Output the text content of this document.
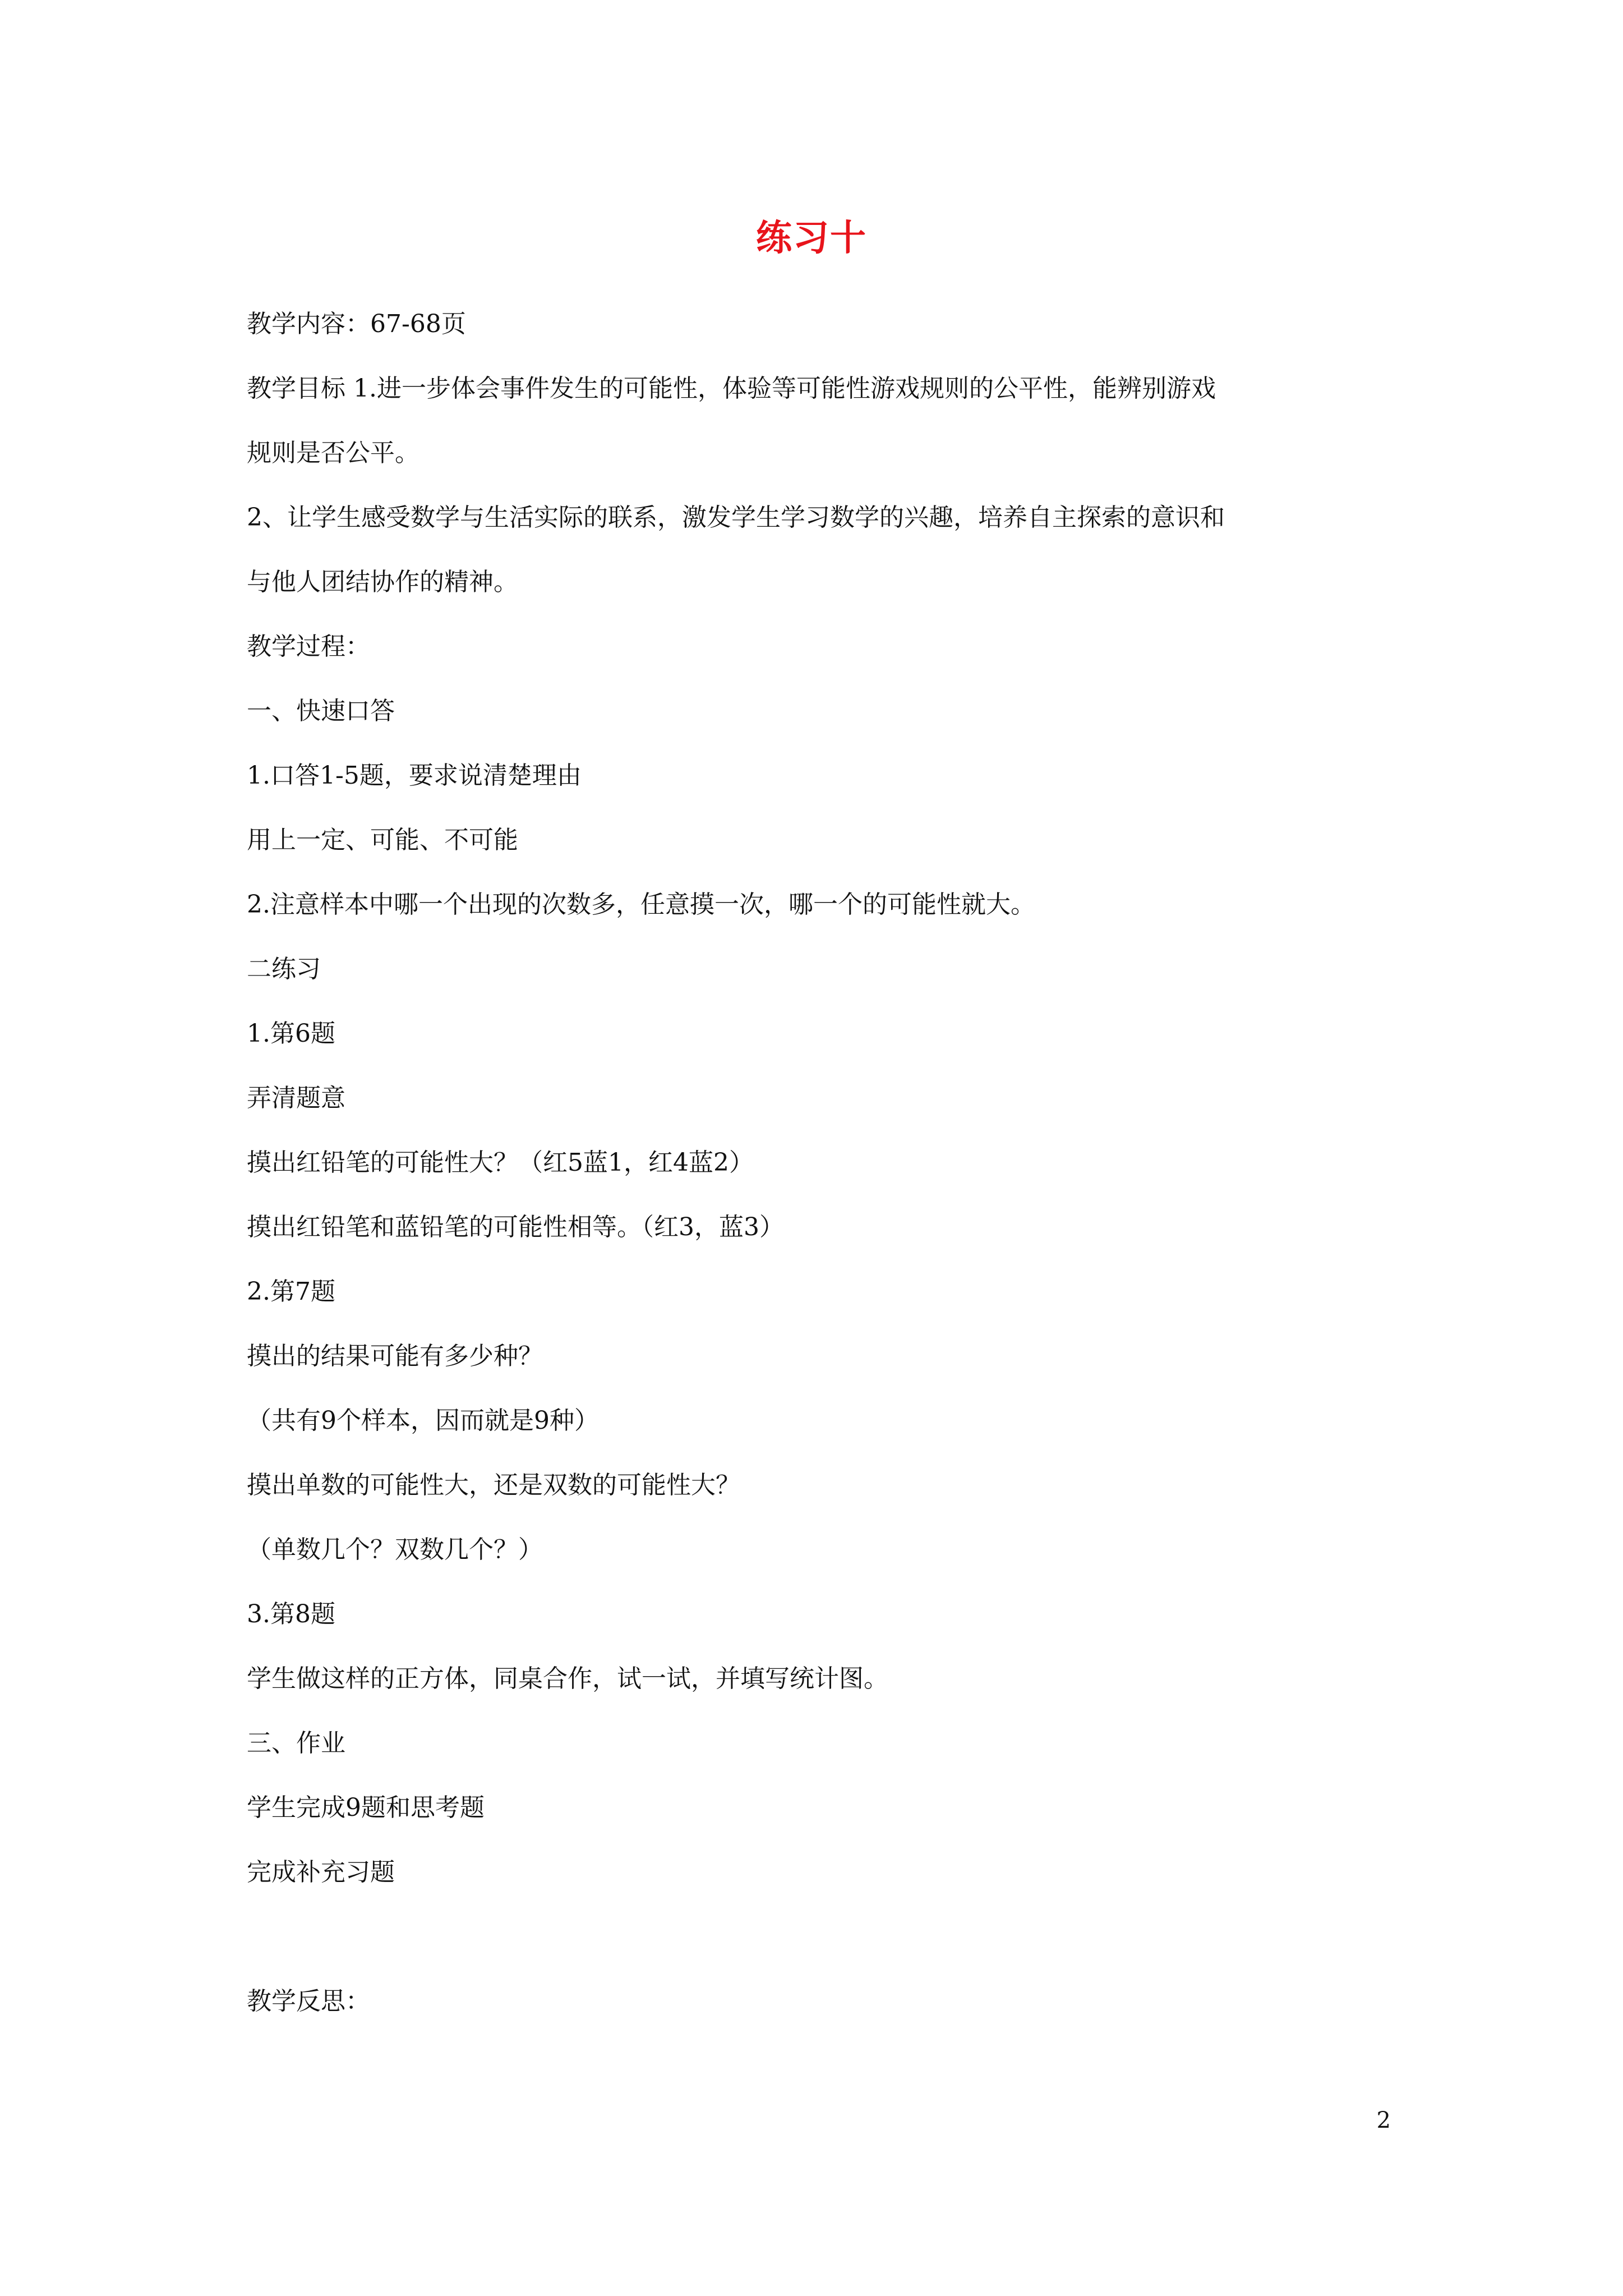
练习十
教学内容：67-68页
教学目标 1.进一步体会事件发生的可能性，体验等可能性游戏规则的公平性，能辨别游戏
规则是否公平。
2、让学生感受数学与生活实际的联系，激发学生学习数学的兴趣，培养自主探索的意识和
与他人团结协作的精神。
教学过程：
一、快速口答
1.口答1-5题，要求说清楚理由
用上一定、可能、不可能
2.注意样本中哪一个出现的次数多，任意摸一次，哪一个的可能性就大。
二练习
1.第6题
弄清题意
摸出红铅笔的可能性大？（红5蓝1，红4蓝2）
摸出红铅笔和蓝铅笔的可能性相等。（红3，蓝3）
2.第7题
摸出的结果可能有多少种？
（共有9个样本，因而就是9种）
摸出单数的可能性大，还是双数的可能性大？
（单数几个？双数几个？）
3.第8题
学生做这样的正方体，同桌合作，试一试，并填写统计图。
三、作业
学生完成9题和思考题
完成补充习题
教学反思：
2
